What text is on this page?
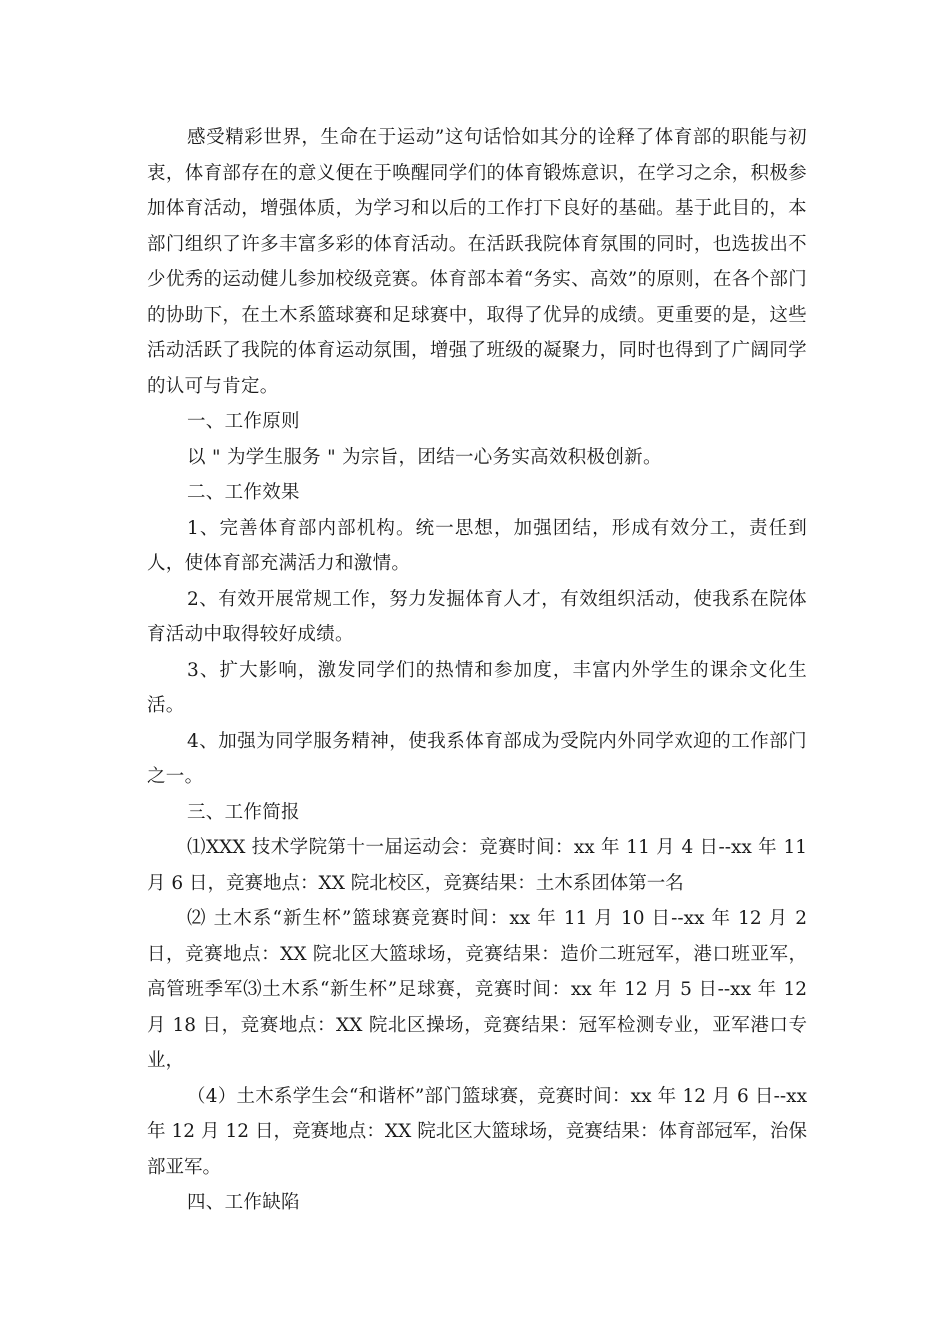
感受精彩世界，生命在于运动”这句话恰如其分的诠释了体育部的职能与初衷，体育部存在的意义便在于唤醒同学们的体育锻炼意识，在学习之余，积极参加体育活动，增强体质，为学习和以后的工作打下良好的基础。基于此目的，本部门组织了许多丰富多彩的体育活动。在活跃我院体育氛围的同时，也选拔出不少优秀的运动健儿参加校级竞赛。体育部本着“务实、高效”的原则，在各个部门的协助下，在土木系篮球赛和足球赛中，取得了优异的成绩。更重要的是，这些活动活跃了我院的体育运动氛围，增强了班级的凝聚力，同时也得到了广阔同学的认可与肯定。

一、工作原则

以 " 为学生服务 " 为宗旨，团结一心务实高效积极创新。

二、工作效果

1、完善体育部内部机构。统一思想，加强团结，形成有效分工，责任到人，使体育部充满活力和激情。

2、有效开展常规工作，努力发掘体育人才，有效组织活动，使我系在院体育活动中取得较好成绩。

3、扩大影响，激发同学们的热情和参加度，丰富内外学生的课余文化生活。

4、加强为同学服务精神，使我系体育部成为受院内外同学欢迎的工作部门之一。

三、工作简报

⑴XXX 技术学院第十一届运动会：竞赛时间：xx 年 11 月 4 日--xx 年 11 月 6 日，竞赛地点：XX 院北校区，竞赛结果：土木系团体第一名

⑵ 土木系“新生杯”篮球赛竞赛时间：xx 年 11 月 10 日--xx 年 12 月 2 日，竞赛地点：XX 院北区大篮球场，竞赛结果：造价二班冠军，港口班亚军，高管班季军⑶土木系“新生杯”足球赛，竞赛时间：xx 年 12 月 5 日--xx 年 12 月 18 日，竞赛地点：XX 院北区操场，竞赛结果：冠军检测专业，亚军港口专业，

（4）土木系学生会“和谐杯”部门篮球赛，竞赛时间：xx 年 12 月 6 日--xx 年 12 月 12 日，竞赛地点：XX 院北区大篮球场，竞赛结果：体育部冠军，治保部亚军。

四、工作缺陷
